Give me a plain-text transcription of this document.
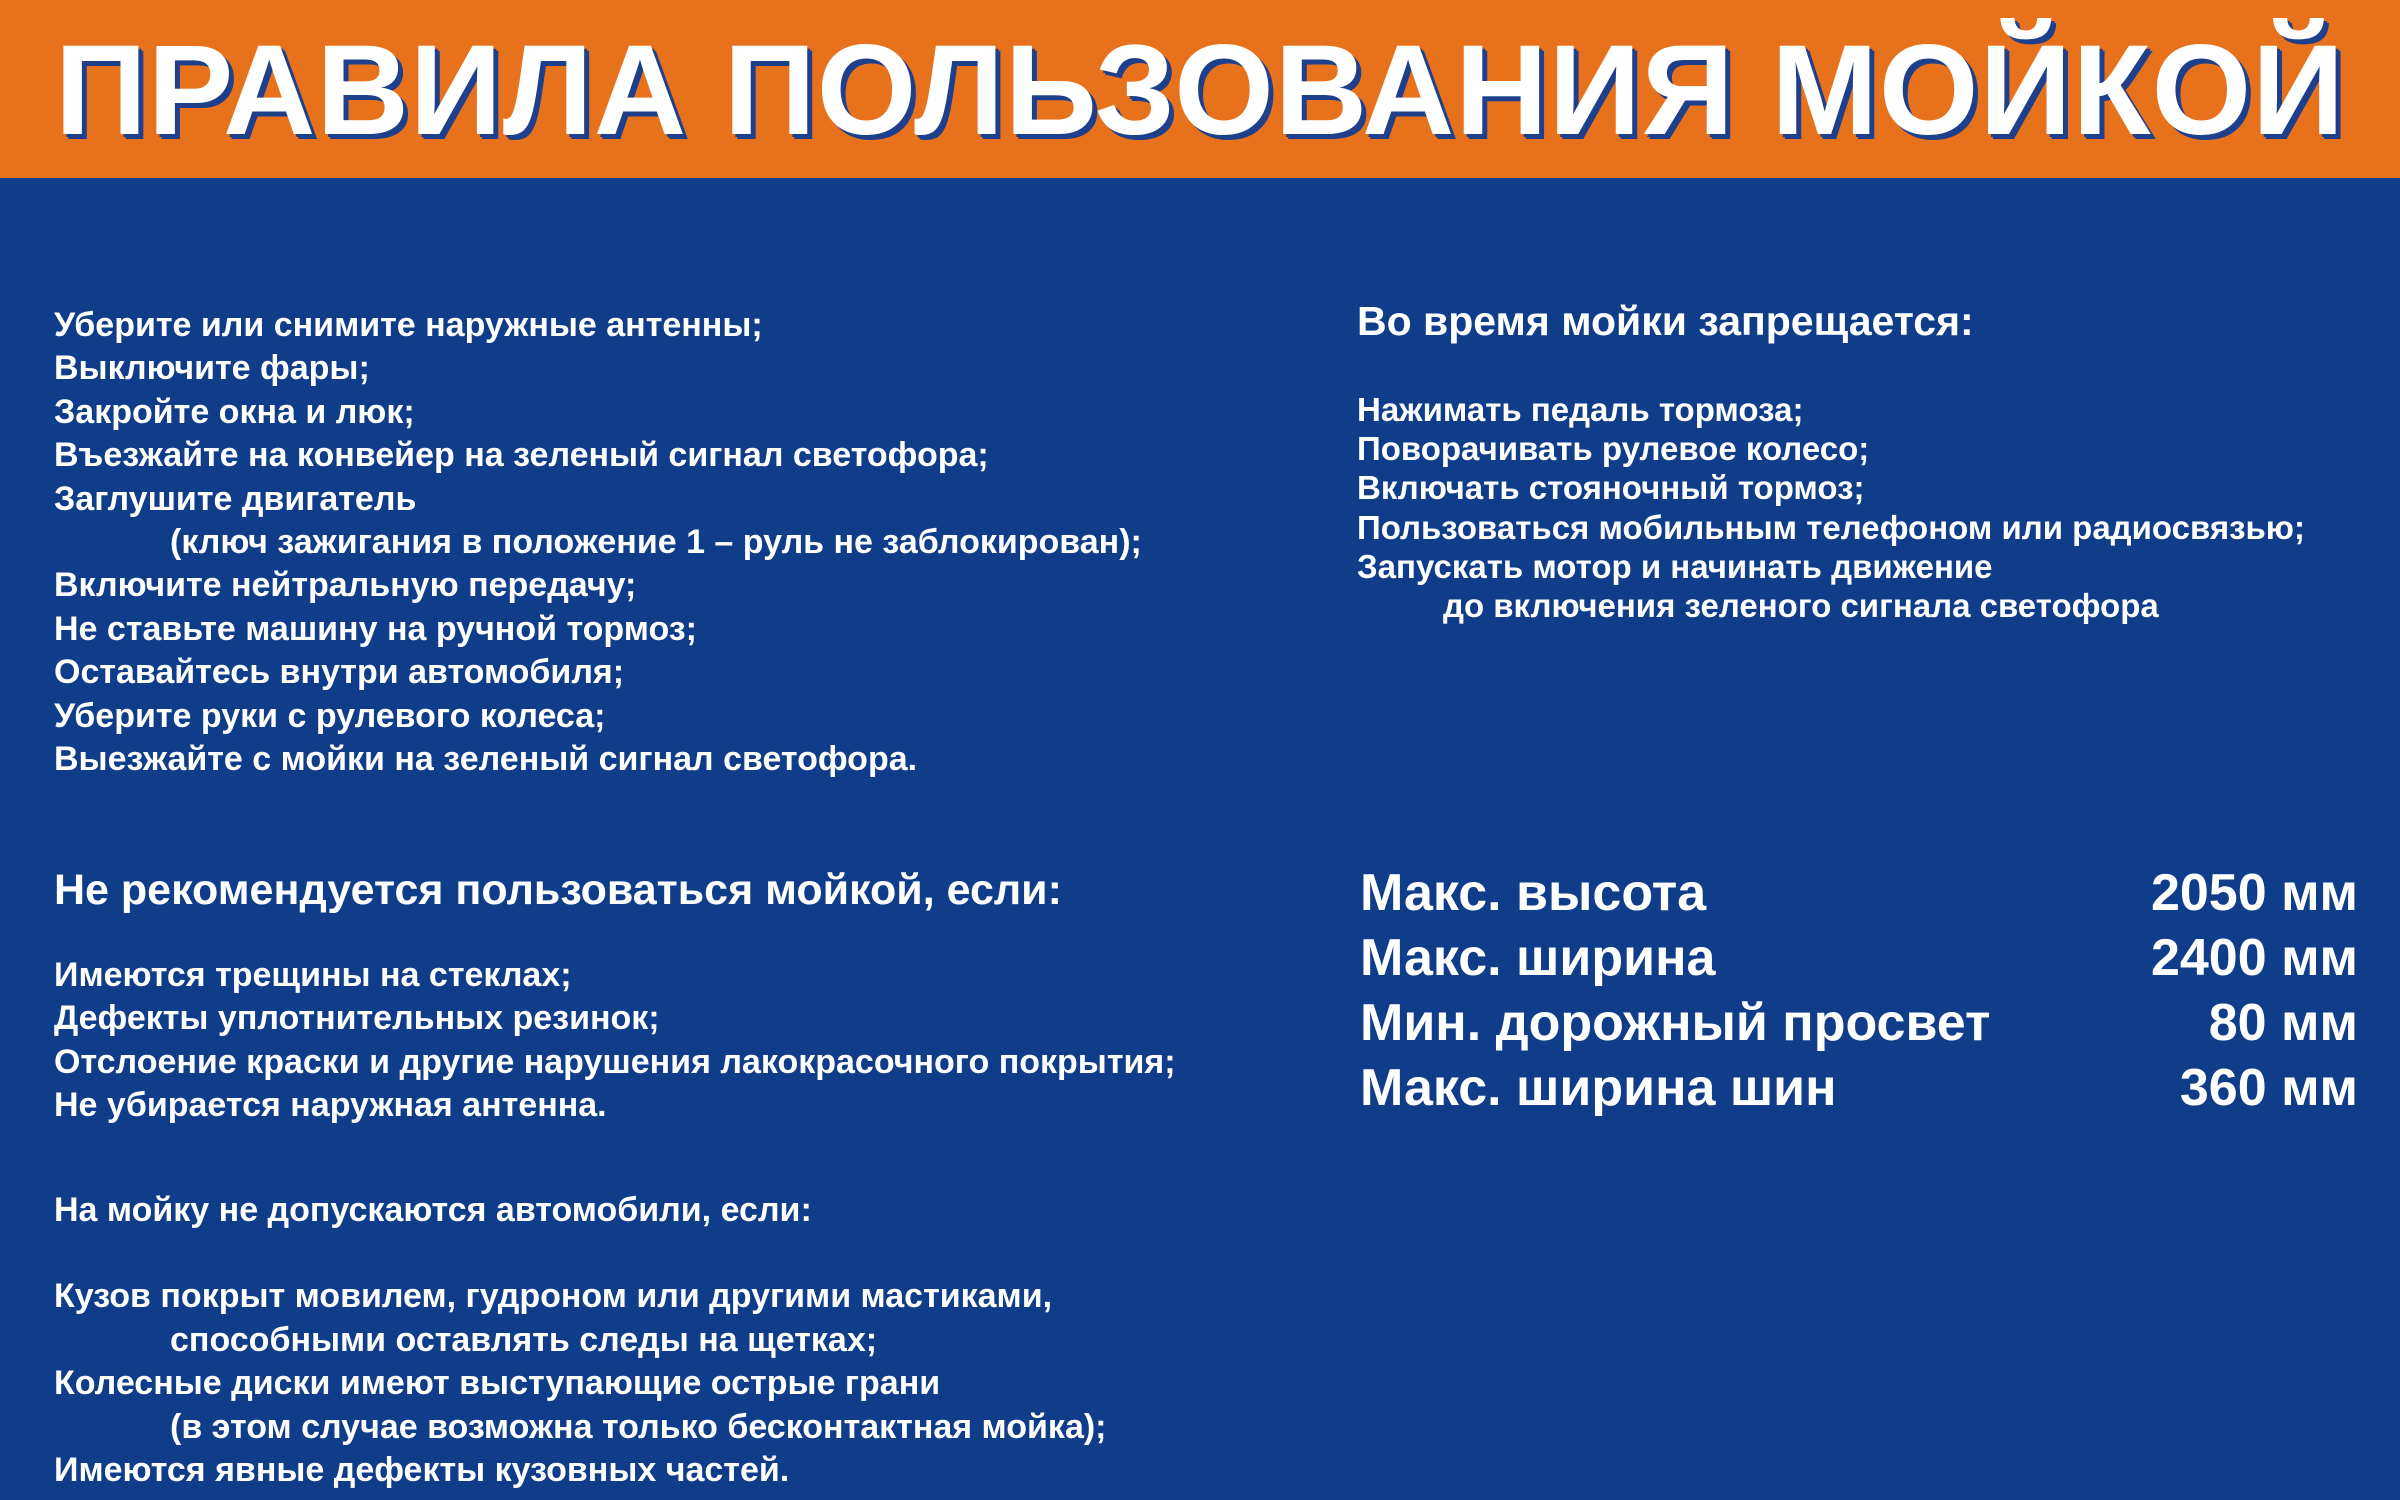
ПРАВИЛА ПОЛЬЗОВАНИЯ МОЙКОЙ
Уберите или снимите наружные антенны;
Выключите фары;
Закройте окна и люк;
Въезжайте на конвейер на зеленый сигнал светофора;
Заглушите двигатель
(ключ зажигания в положение 1 – руль не заблокирован);
Включите нейтральную передачу;
Не ставьте машину на ручной тормоз;
Оставайтесь внутри автомобиля;
Уберите руки с рулевого колеса;
Выезжайте с мойки на зеленый сигнал светофора.
Во время мойки запрещается:
Нажимать педаль тормоза;
Поворачивать рулевое колесо;
Включать стояночный тормоз;
Пользоваться мобильным телефоном или радиосвязью;
Запускать мотор и начинать движение
до включения зеленого сигнала светофора
Не рекомендуется пользоваться мойкой, если:
Имеются трещины на стеклах;
Дефекты уплотнительных резинок;
Отслоение краски и другие нарушения лакокрасочного покрытия;
Не убирается наружная антенна.
На мойку не допускаются автомобили, если:
Кузов покрыт мовилем, гудроном или другими мастиками,
способными оставлять следы на щетках;
Колесные диски имеют выступающие острые грани
(в этом случае возможна только бесконтактная мойка);
Имеются явные дефекты кузовных частей.
Макс. высота	2050 мм
Макс. ширина	2400 мм
Мин. дорожный просвет	80 мм
Макс. ширина шин	360 мм
